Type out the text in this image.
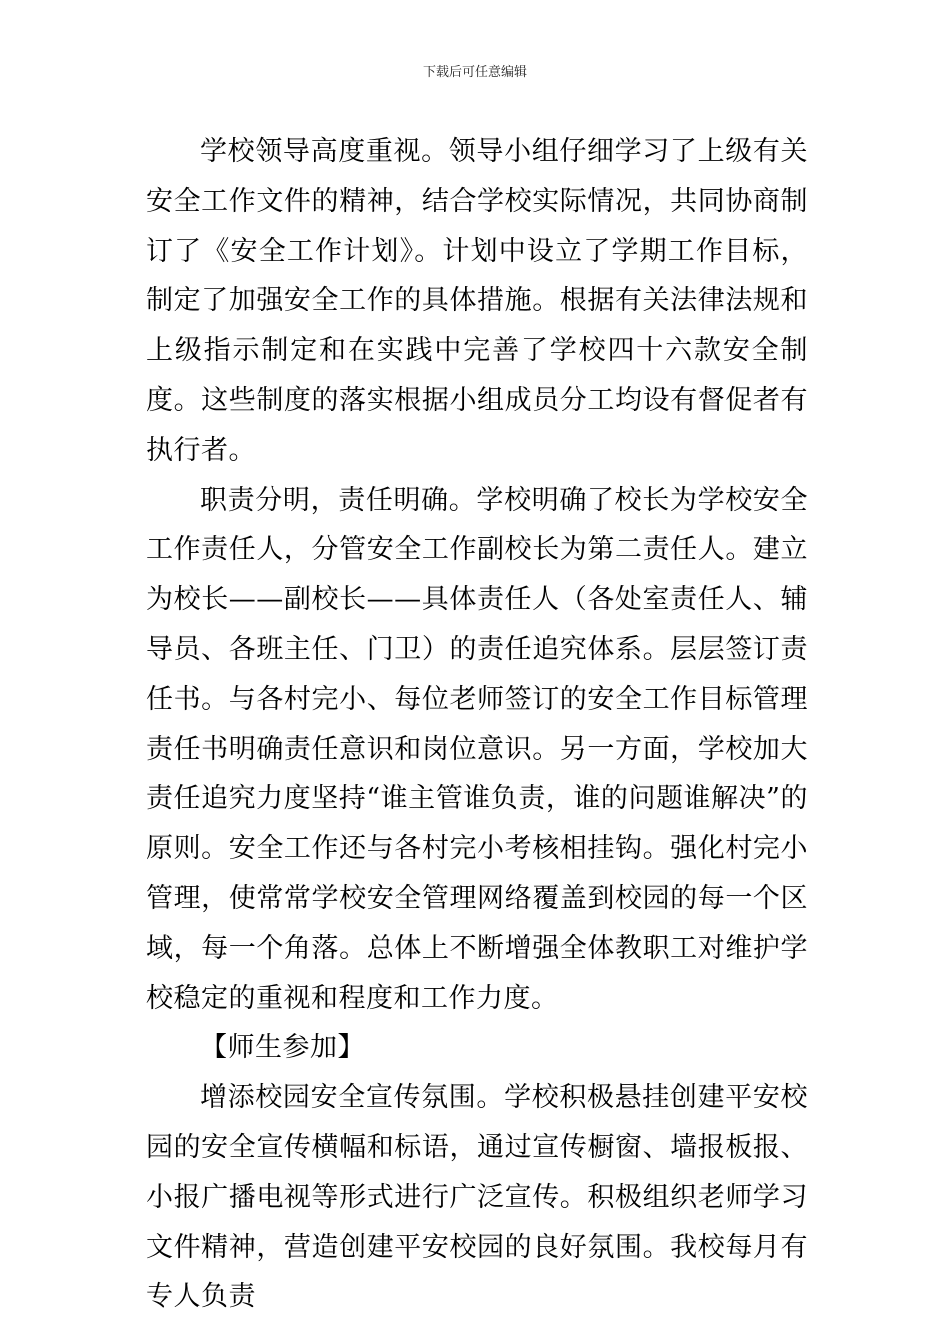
下载后可任意编辑

学校领导高度重视。领导小组仔细学习了上级有关安全工作文件的精神，结合学校实际情况，共同协商制订了《安全工作计划》。计划中设立了学期工作目标，制定了加强安全工作的具体措施。根据有关法律法规和上级指示制定和在实践中完善了学校四十六款安全制度。这些制度的落实根据小组成员分工均设有督促者有执行者。

职责分明，责任明确。学校明确了校长为学校安全工作责任人，分管安全工作副校长为第二责任人。建立为校长——副校长——具体责任人（各处室责任人、辅导员、各班主任、门卫）的责任追究体系。层层签订责任书。与各村完小、每位老师签订的安全工作目标管理责任书明确责任意识和岗位意识。另一方面，学校加大责任追究力度坚持“谁主管谁负责，谁的问题谁解决”的原则。安全工作还与各村完小考核相挂钩。强化村完小管理，使常常学校安全管理网络覆盖到校园的每一个区域，每一个角落。总体上不断增强全体教职工对维护学校稳定的重视和程度和工作力度。

【师生参加】

增添校园安全宣传氛围。学校积极悬挂创建平安校园的安全宣传横幅和标语，通过宣传橱窗、墙报板报、小报广播电视等形式进行广泛宣传。积极组织老师学习文件精神，营造创建平安校园的良好氛围。我校每月有专人负责
